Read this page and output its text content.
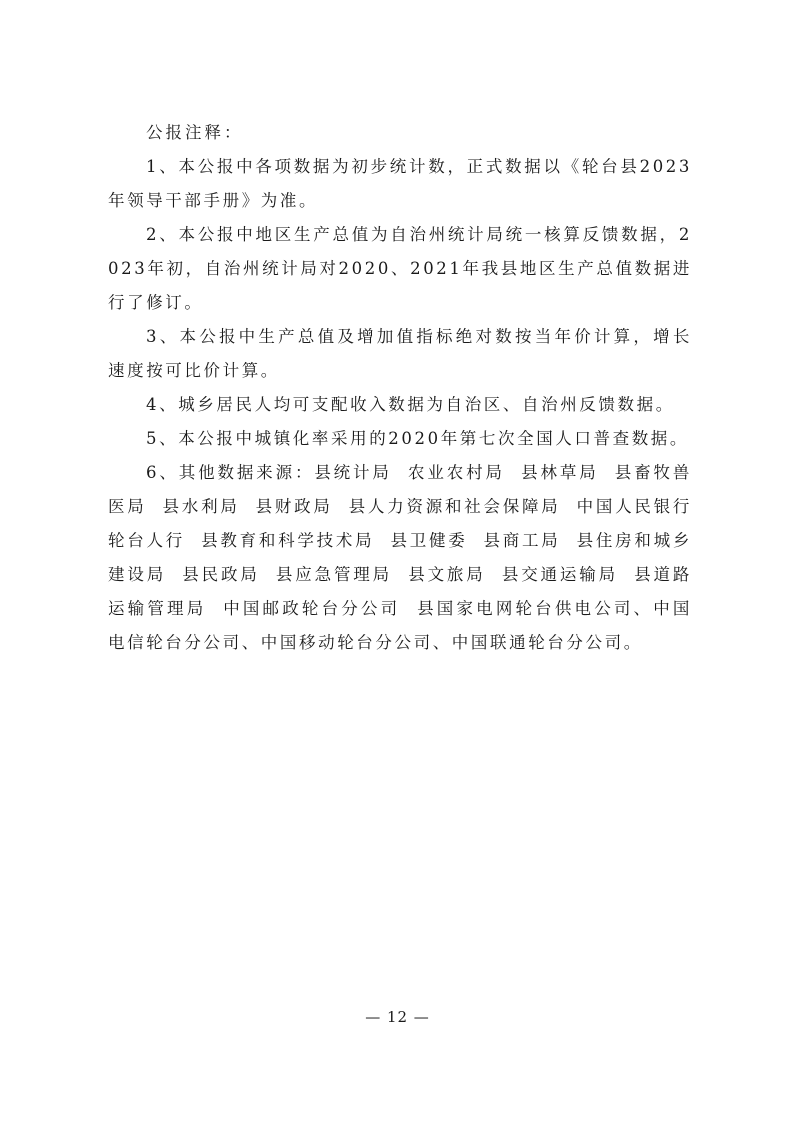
公报注释：

1、本公报中各项数据为初步统计数，正式数据以《轮台县2023年领导干部手册》为准。

2、本公报中地区生产总值为自治州统计局统一核算反馈数据，2023年初，自治州统计局对2020、2021年我县地区生产总值数据进行了修订。

3、本公报中生产总值及增加值指标绝对数按当年价计算，增长速度按可比价计算。

4、城乡居民人均可支配收入数据为自治区、自治州反馈数据。

5、本公报中城镇化率采用的2020年第七次全国人口普查数据。

6、其他数据来源：县统计局  农业农村局  县林草局  县畜牧兽医局  县水利局  县财政局  县人力资源和社会保障局  中国人民银行轮台人行  县教育和科学技术局  县卫健委  县商工局  县住房和城乡建设局  县民政局  县应急管理局  县文旅局  县交通运输局  县道路运输管理局  中国邮政轮台分公司  县国家电网轮台供电公司、中国电信轮台分公司、中国移动轮台分公司、中国联通轮台分公司。

— 12 —
